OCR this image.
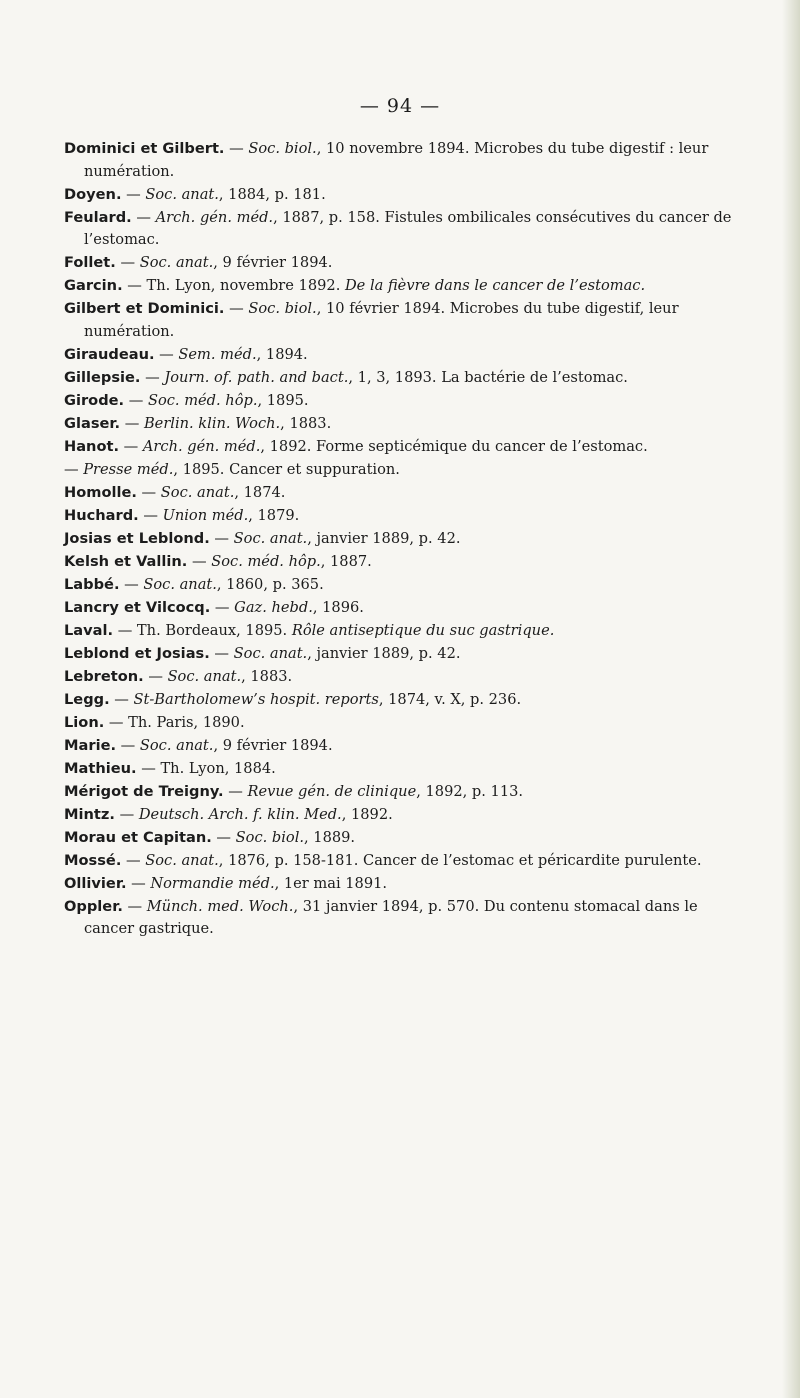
— 94 —

Dominici et Gilbert. — Soc. biol., 10 novembre 1894. Microbes du tube digestif : leur numération.

Doyen. — Soc. anat., 1884, p. 181.

Feulard. — Arch. gén. méd., 1887, p. 158. Fistules ombilicales consécutives du cancer de l’estomac.

Follet. — Soc. anat., 9 février 1894.

Garcin. — Th. Lyon, novembre 1892. De la fièvre dans le cancer de l’estomac.

Gilbert et Dominici. — Soc. biol., 10 février 1894. Microbes du tube digestif, leur numération.

Giraudeau. — Sem. méd., 1894.

Gillepsie. — Journ. of. path. and bact., 1, 3, 1893. La bactérie de l’estomac.

Girode. — Soc. méd. hôp., 1895.

Glaser. — Berlin. klin. Woch., 1883.

Hanot. — Arch. gén. méd., 1892. Forme septicémique du cancer de l’estomac.

— Presse méd., 1895. Cancer et suppuration.

Homolle. — Soc. anat., 1874.

Huchard. — Union méd., 1879.

Josias et Leblond. — Soc. anat., janvier 1889, p. 42.

Kelsh et Vallin. — Soc. méd. hôp., 1887.

Labbé. — Soc. anat., 1860, p. 365.

Lancry et Vilcocq. — Gaz. hebd., 1896.

Laval. — Th. Bordeaux, 1895. Rôle antiseptique du suc gastrique.

Leblond et Josias. — Soc. anat., janvier 1889, p. 42.

Lebreton. — Soc. anat., 1883.

Legg. — St-Bartholomew’s hospit. reports, 1874, v. X, p. 236.

Lion. — Th. Paris, 1890.

Marie. — Soc. anat., 9 février 1894.

Mathieu. — Th. Lyon, 1884.

Mérigot de Treigny. — Revue gén. de clinique, 1892, p. 113.

Mintz. — Deutsch. Arch. f. klin. Med., 1892.

Morau et Capitan. — Soc. biol., 1889.

Mossé. — Soc. anat., 1876, p. 158-181. Cancer de l’estomac et péricardite purulente.

Ollivier. — Normandie méd., 1er mai 1891.

Oppler. — Münch. med. Woch., 31 janvier 1894, p. 570. Du contenu stomacal dans le cancer gastrique.
